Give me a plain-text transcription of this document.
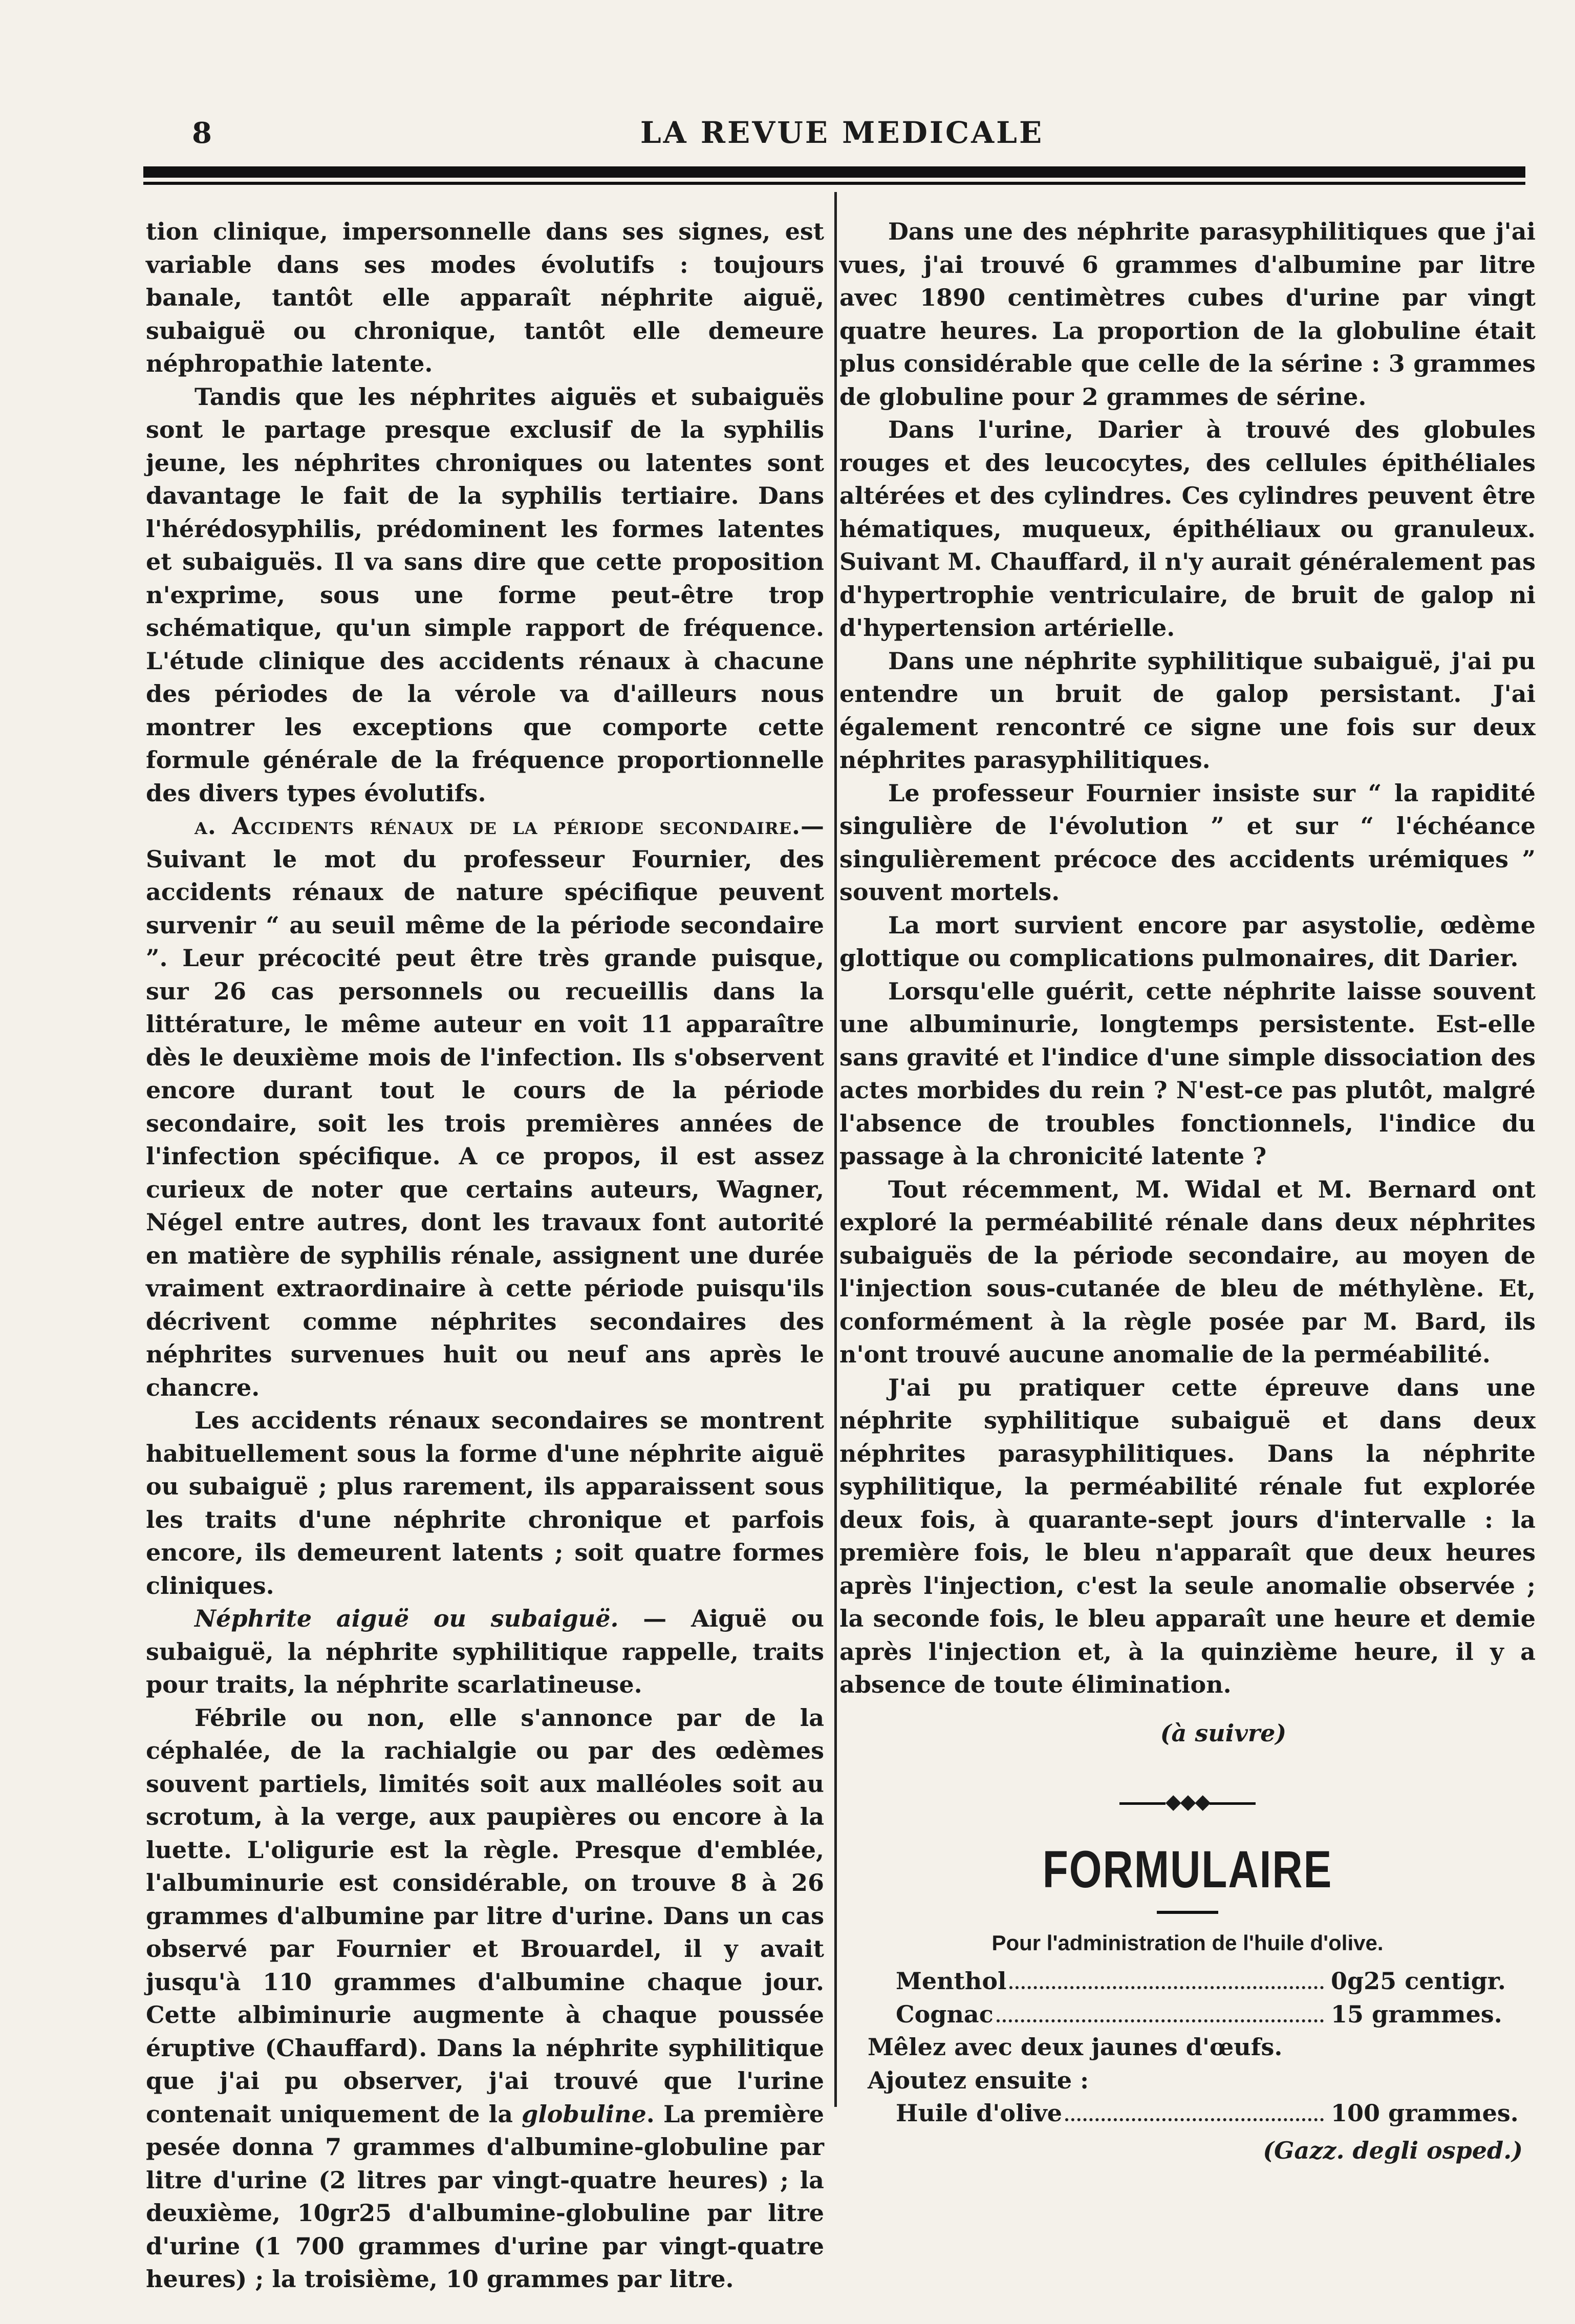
8	LA REVUE MEDICALE

tion clinique, impersonnelle dans ses signes, est variable dans ses modes évolutifs : toujours banale, tantôt elle apparaît néphrite aiguë, subaiguë ou chronique, tantôt elle demeure néphropathie latente.

Tandis que les néphrites aiguës et subaiguës sont le partage presque exclusif de la syphilis jeune, les néphrites chroniques ou latentes sont davantage le fait de la syphilis tertiaire. Dans l'hérédosyphilis, prédominent les formes latentes et subaiguës. Il va sans dire que cette proposition n'exprime, sous une forme peut-être trop schématique, qu'un simple rapport de fréquence. L'étude clinique des accidents rénaux à chacune des périodes de la vérole va d'ailleurs nous montrer les exceptions que comporte cette formule générale de la fréquence proportionnelle des divers types évolutifs.

a. Accidents rénaux de la période secondaire.— Suivant le mot du professeur Fournier, des accidents rénaux de nature spécifique peuvent survenir “ au seuil même de la période secondaire ”. Leur précocité peut être très grande puisque, sur 26 cas personnels ou recueillis dans la littérature, le même auteur en voit 11 apparaître dès le deuxième mois de l'infection. Ils s'observent encore durant tout le cours de la période secondaire, soit les trois premières années de l'infection spécifique. A ce propos, il est assez curieux de noter que certains auteurs, Wagner, Négel entre autres, dont les travaux font autorité en matière de syphilis rénale, assignent une durée vraiment extraordinaire à cette période puisqu'ils décrivent comme néphrites secondaires des néphrites survenues huit ou neuf ans après le chancre.

Les accidents rénaux secondaires se montrent habituellement sous la forme d'une néphrite aiguë ou subaiguë ; plus rarement, ils apparaissent sous les traits d'une néphrite chronique et parfois encore, ils demeurent latents ; soit quatre formes cliniques.

Néphrite aiguë ou subaiguë. — Aiguë ou subaiguë, la néphrite syphilitique rappelle, traits pour traits, la néphrite scarlatineuse.

Fébrile ou non, elle s'annonce par de la céphalée, de la rachialgie ou par des œdèmes souvent partiels, limités soit aux malléoles soit au scrotum, à la verge, aux paupières ou encore à la luette. L'oligurie est la règle. Presque d'emblée, l'albuminurie est considérable, on trouve 8 à 26 grammes d'albumine par litre d'urine. Dans un cas observé par Fournier et Brouardel, il y avait jusqu'à 110 grammes d'albumine chaque jour. Cette albiminurie augmente à chaque poussée éruptive (Chauffard). Dans la néphrite syphilitique que j'ai pu observer, j'ai trouvé que l'urine contenait uniquement de la globuline. La première pesée donna 7 grammes d'albumine-globuline par litre d'urine (2 litres par vingt-quatre heures) ; la deuxième, 10gr25 d'albumine-globuline par litre d'urine (1 700 grammes d'urine par vingt-quatre heures) ; la troisième, 10 grammes par litre.

Dans une des néphrite parasyphilitiques que j'ai vues, j'ai trouvé 6 grammes d'albumine par litre avec 1890 centimètres cubes d'urine par vingt quatre heures. La proportion de la globuline était plus considérable que celle de la sérine : 3 grammes de globuline pour 2 grammes de sérine.

Dans l'urine, Darier à trouvé des globules rouges et des leucocytes, des cellules épithéliales altérées et des cylindres. Ces cylindres peuvent être hématiques, muqueux, épithéliaux ou granuleux. Suivant M. Chauffard, il n'y aurait généralement pas d'hypertrophie ventriculaire, de bruit de galop ni d'hypertension artérielle.

Dans une néphrite syphilitique subaiguë, j'ai pu entendre un bruit de galop persistant. J'ai également rencontré ce signe une fois sur deux néphrites parasyphilitiques.

Le professeur Fournier insiste sur “ la rapidité singulière de l'évolution ” et sur “ l'échéance singulièrement précoce des accidents urémiques ” souvent mortels.

La mort survient encore par asystolie, œdème glottique ou complications pulmonaires, dit Darier.

Lorsqu'elle guérit, cette néphrite laisse souvent une albuminurie, longtemps persistente. Est-elle sans gravité et l'indice d'une simple dissociation des actes morbides du rein ? N'est-ce pas plutôt, malgré l'absence de troubles fonctionnels, l'indice du passage à la chronicité latente ?

Tout récemment, M. Widal et M. Bernard ont exploré la perméabilité rénale dans deux néphrites subaiguës de la période secondaire, au moyen de l'injection sous-cutanée de bleu de méthylène. Et, conformément à la règle posée par M. Bard, ils n'ont trouvé aucune anomalie de la perméabilité.

J'ai pu pratiquer cette épreuve dans une néphrite syphilitique subaiguë et dans deux néphrites parasyphilitiques. Dans la néphrite syphilitique, la perméabilité rénale fut explorée deux fois, à quarante-sept jours d'intervalle : la première fois, le bleu n'apparaît que deux heures après l'injection, c'est la seule anomalie observée ; la seconde fois, le bleu apparaît une heure et demie après l'injection et, à la quinzième heure, il y a absence de toute élimination.

(à suivre)

◆◆◆
FORMULAIRE
Pour l'administration de l'huile d'olive.
Menthol	0g25 centigr.
Cognac	15 grammes.

Mêlez avec deux jaunes d'œufs.

Ajoutez ensuite :

Huile d'olive	100 grammes.
(Gazz. degli osped.)
